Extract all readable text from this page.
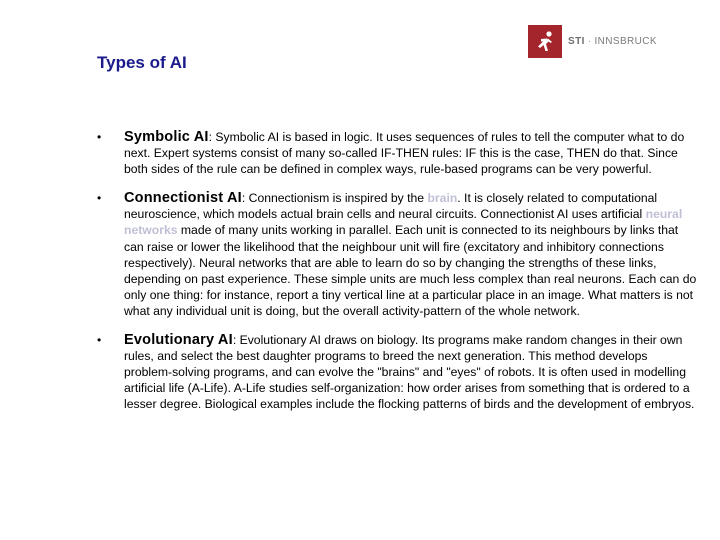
STI · INNSBRUCK
Types of AI
• Symbolic AI: Symbolic AI is based in logic. It uses sequences of rules to tell the computer what to do next. Expert systems consist of many so-called IF-THEN rules: IF this is the case, THEN do that. Since both sides of the rule can be defined in complex ways, rule-based programs can be very powerful.
• Connectionist AI: Connectionism is inspired by the brain. It is closely related to computational neuroscience, which models actual brain cells and neural circuits. Connectionist AI uses artificial neural networks made of many units working in parallel. Each unit is connected to its neighbours by links that can raise or lower the likelihood that the neighbour unit will fire (excitatory and inhibitory connections respectively). Neural networks that are able to learn do so by changing the strengths of these links, depending on past experience. These simple units are much less complex than real neurons. Each can do only one thing: for instance, report a tiny vertical line at a particular place in an image. What matters is not what any individual unit is doing, but the overall activity-pattern of the whole network.
• Evolutionary AI: Evolutionary AI draws on biology. Its programs make random changes in their own rules, and select the best daughter programs to breed the next generation. This method develops problem-solving programs, and can evolve the "brains" and "eyes" of robots. It is often used in modelling artificial life (A-Life). A-Life studies self-organization: how order arises from something that is ordered to a lesser degree. Biological examples include the flocking patterns of birds and the development of embryos.
